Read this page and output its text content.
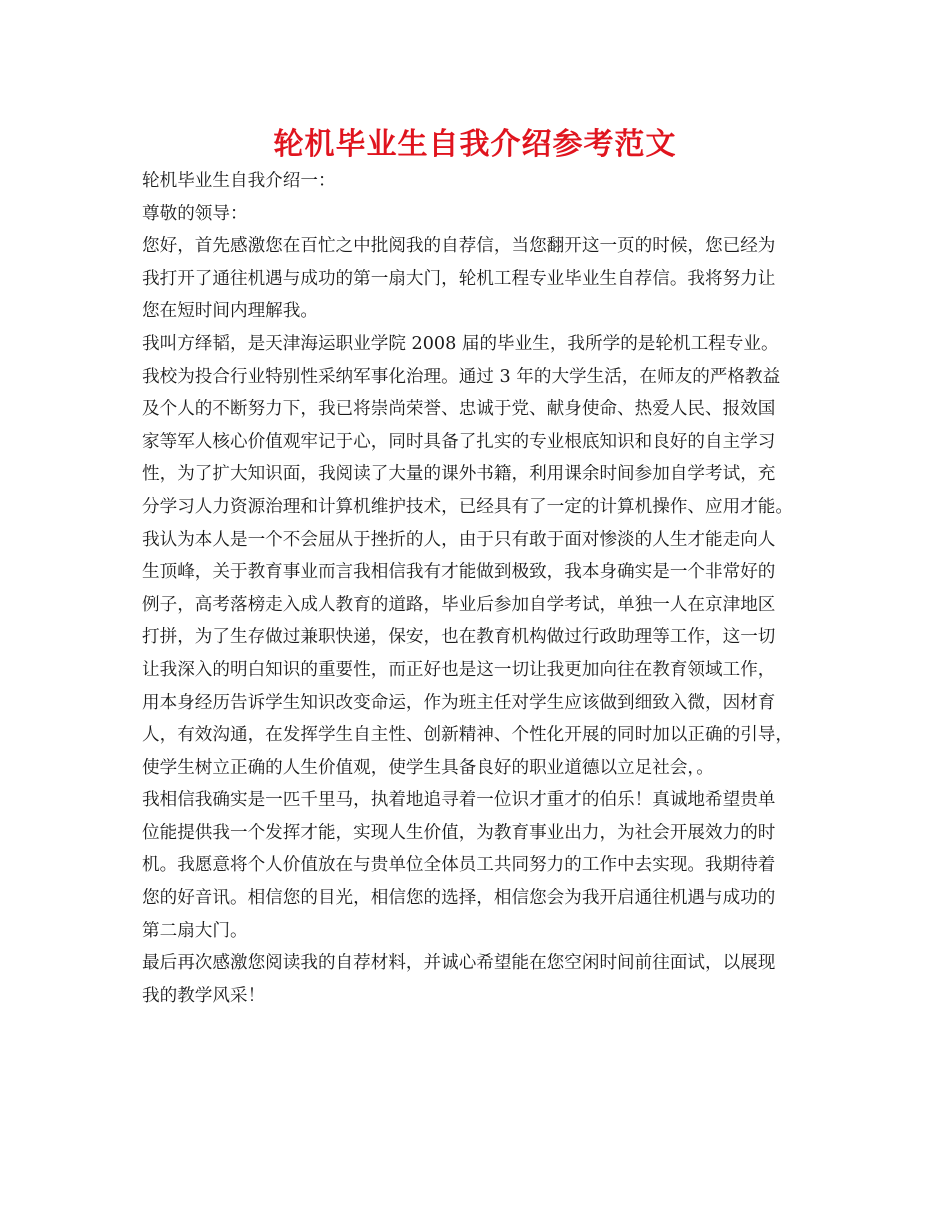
轮机毕业生自我介绍参考范文
轮机毕业生自我介绍一：
尊敬的领导：
您好，首先感激您在百忙之中批阅我的自荐信，当您翻开这一页的时候，您已经为
我打开了通往机遇与成功的第一扇大门，轮机工程专业毕业生自荐信。我将努力让
您在短时间内理解我。
我叫方绎韬，是天津海运职业学院 2008 届的毕业生，我所学的是轮机工程专业。
我校为投合行业特别性采纳军事化治理。通过 3 年的大学生活，在师友的严格教益
及个人的不断努力下，我已将崇尚荣誉、忠诚于党、献身使命、热爱人民、报效国
家等军人核心价值观牢记于心，同时具备了扎实的专业根底知识和良好的自主学习
性，为了扩大知识面，我阅读了大量的课外书籍，利用课余时间参加自学考试，充
分学习人力资源治理和计算机维护技术，已经具有了一定的计算机操作、应用才能。
我认为本人是一个不会屈从于挫折的人，由于只有敢于面对惨淡的人生才能走向人
生顶峰，关于教育事业而言我相信我有才能做到极致，我本身确实是一个非常好的
例子，高考落榜走入成人教育的道路，毕业后参加自学考试，单独一人在京津地区
打拼，为了生存做过兼职快递，保安，也在教育机构做过行政助理等工作，这一切
让我深入的明白知识的重要性，而正好也是这一切让我更加向往在教育领域工作，
用本身经历告诉学生知识改变命运，作为班主任对学生应该做到细致入微，因材育
人，有效沟通，在发挥学生自主性、创新精神、个性化开展的同时加以正确的引导，
使学生树立正确的人生价值观，使学生具备良好的职业道德以立足社会，。
我相信我确实是一匹千里马，执着地追寻着一位识才重才的伯乐！真诚地希望贵单
位能提供我一个发挥才能，实现人生价值，为教育事业出力，为社会开展效力的时
机。我愿意将个人价值放在与贵单位全体员工共同努力的工作中去实现。我期待着
您的好音讯。相信您的目光，相信您的选择，相信您会为我开启通往机遇与成功的
第二扇大门。
最后再次感激您阅读我的自荐材料，并诚心希望能在您空闲时间前往面试，以展现
我的教学风采！
